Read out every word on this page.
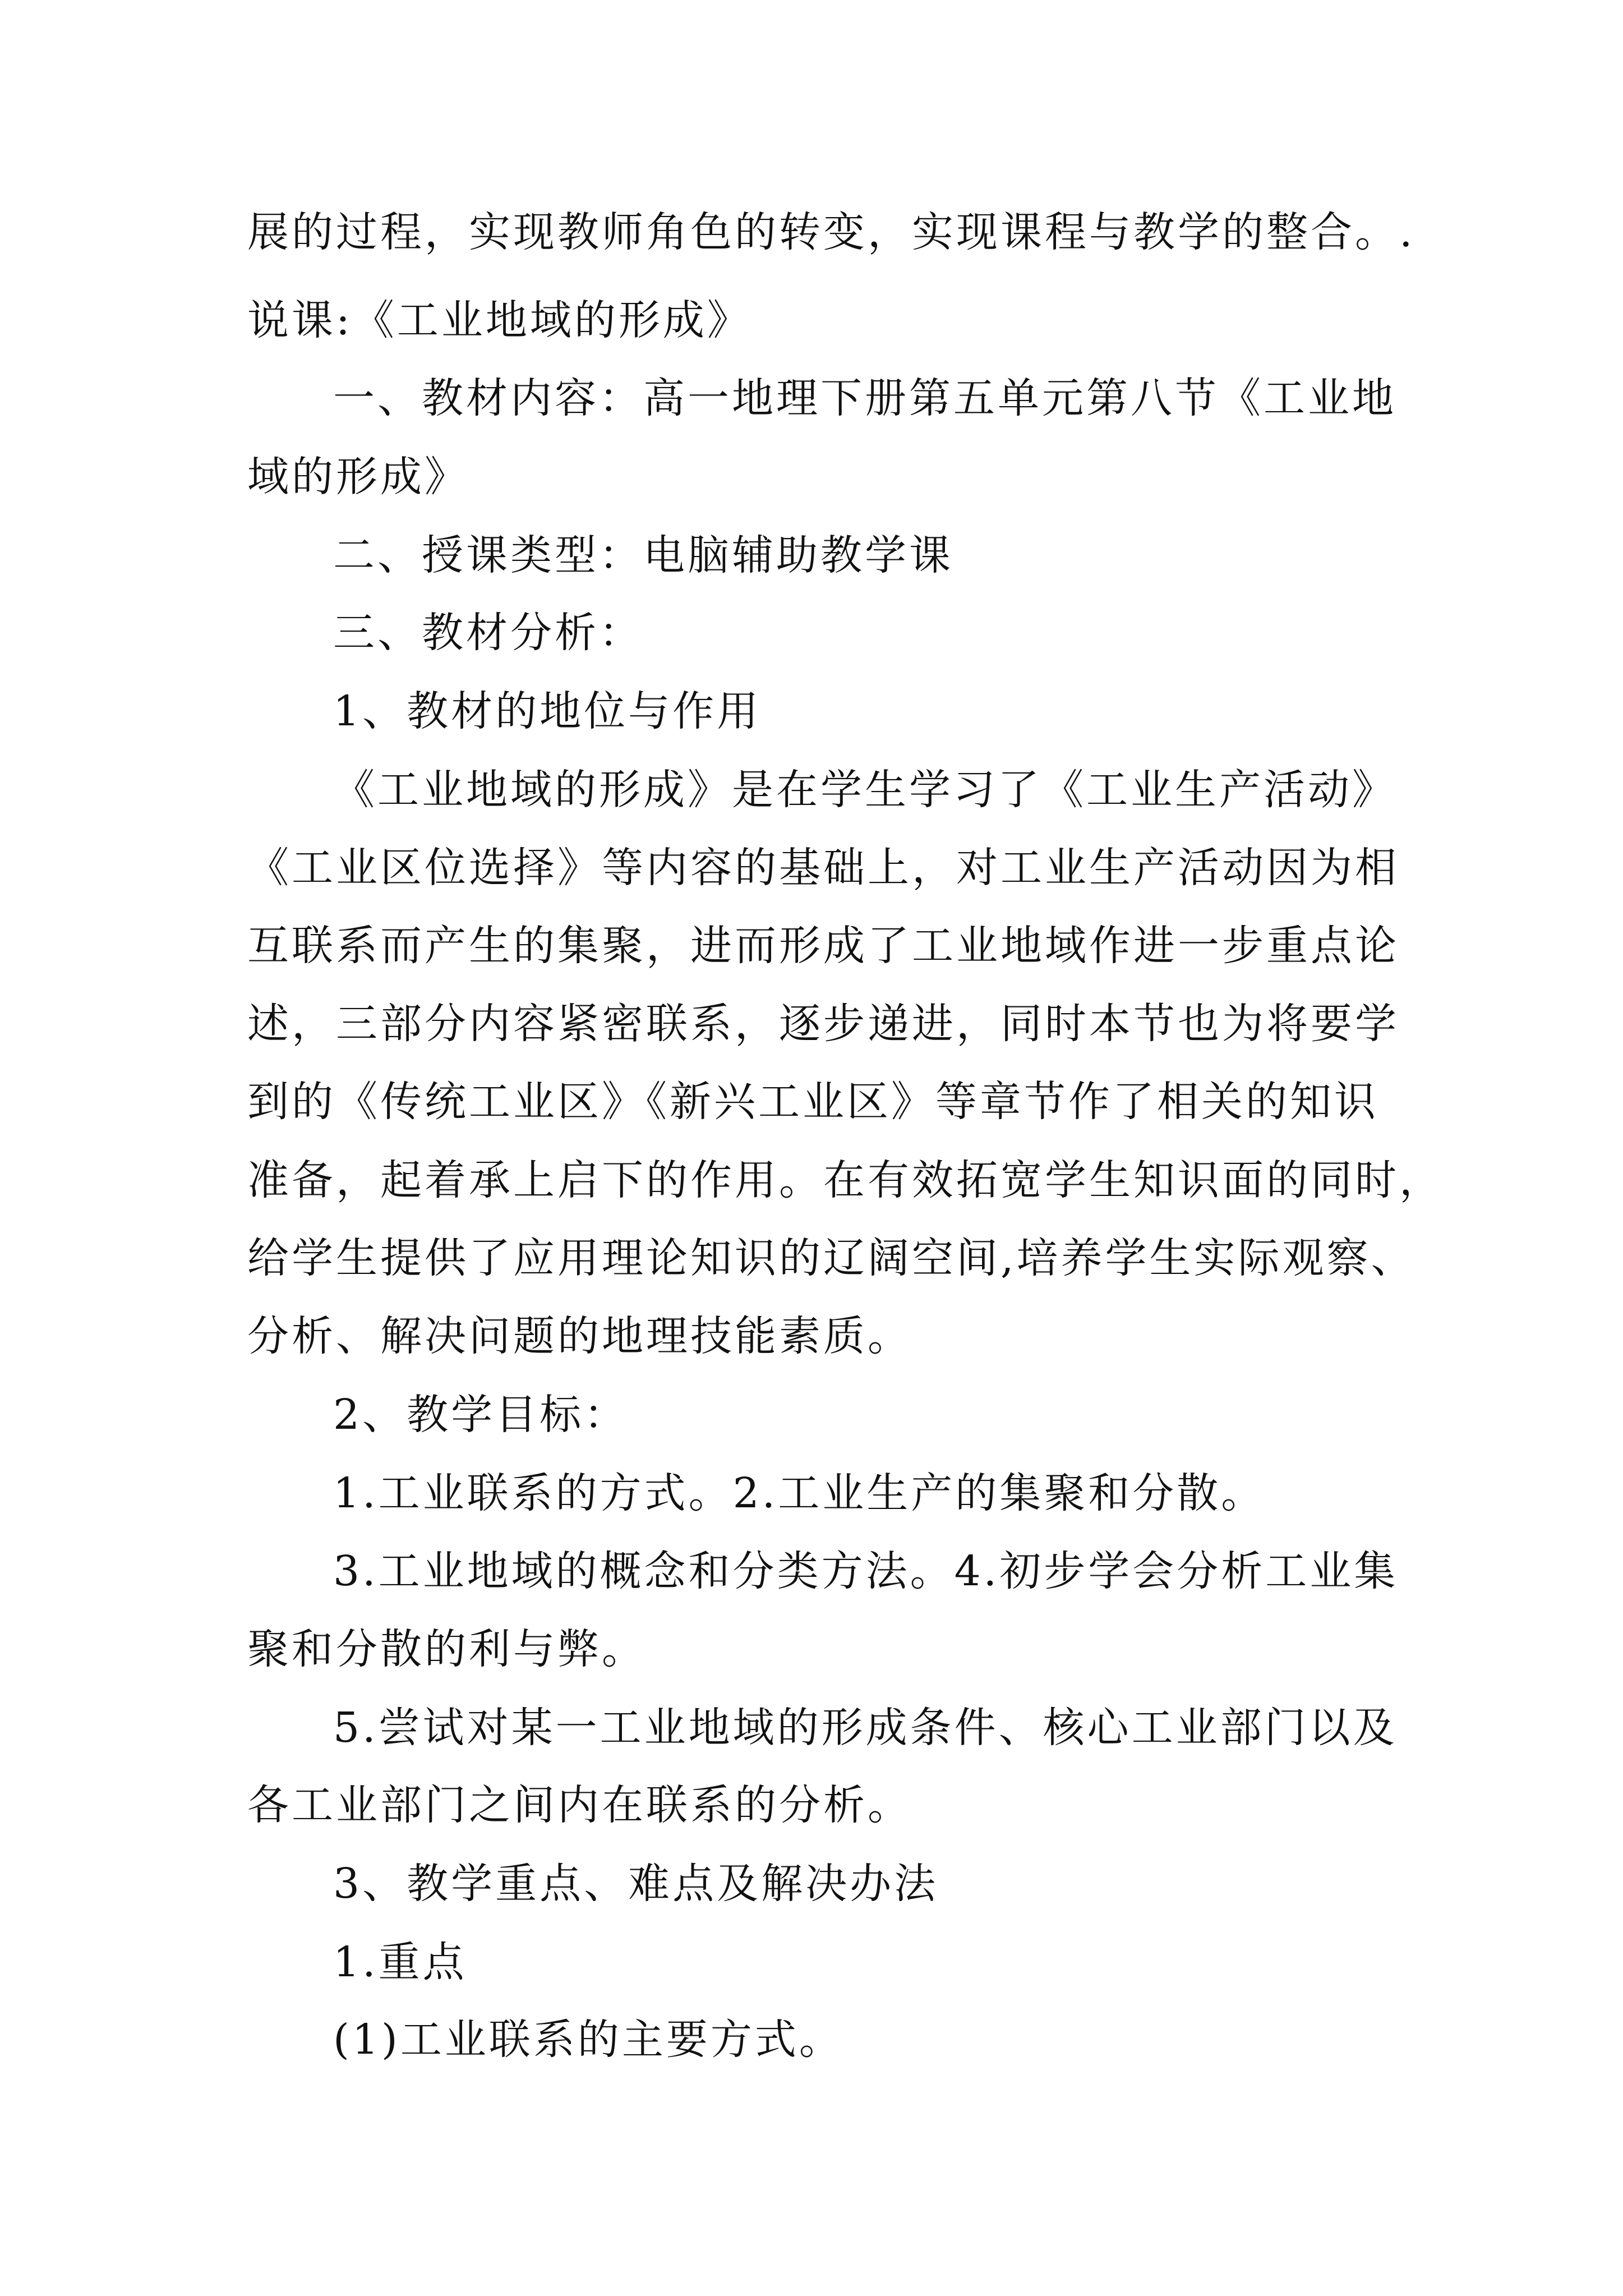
展的过程，实现教师角色的转变，实现课程与教学的整合。.
说课:《工业地域的形成》
一、教材内容：高一地理下册第五单元第八节《工业地
域的形成》
二、授课类型：电脑辅助教学课
三、教材分析：
1、教材的地位与作用
《工业地域的形成》是在学生学习了《工业生产活动》
《工业区位选择》等内容的基础上，对工业生产活动因为相
互联系而产生的集聚，进而形成了工业地域作进一步重点论
述，三部分内容紧密联系，逐步递进，同时本节也为将要学
到的《传统工业区》《新兴工业区》等章节作了相关的知识
准备，起着承上启下的作用。在有效拓宽学生知识面的同时，
给学生提供了应用理论知识的辽阔空间,培养学生实际观察、
分析、解决问题的地理技能素质。
2、教学目标：
1.工业联系的方式。2.工业生产的集聚和分散。
3.工业地域的概念和分类方法。4.初步学会分析工业集
聚和分散的利与弊。
5.尝试对某一工业地域的形成条件、核心工业部门以及
各工业部门之间内在联系的分析。
3、教学重点、难点及解决办法
1.重点
(1)工业联系的主要方式。
